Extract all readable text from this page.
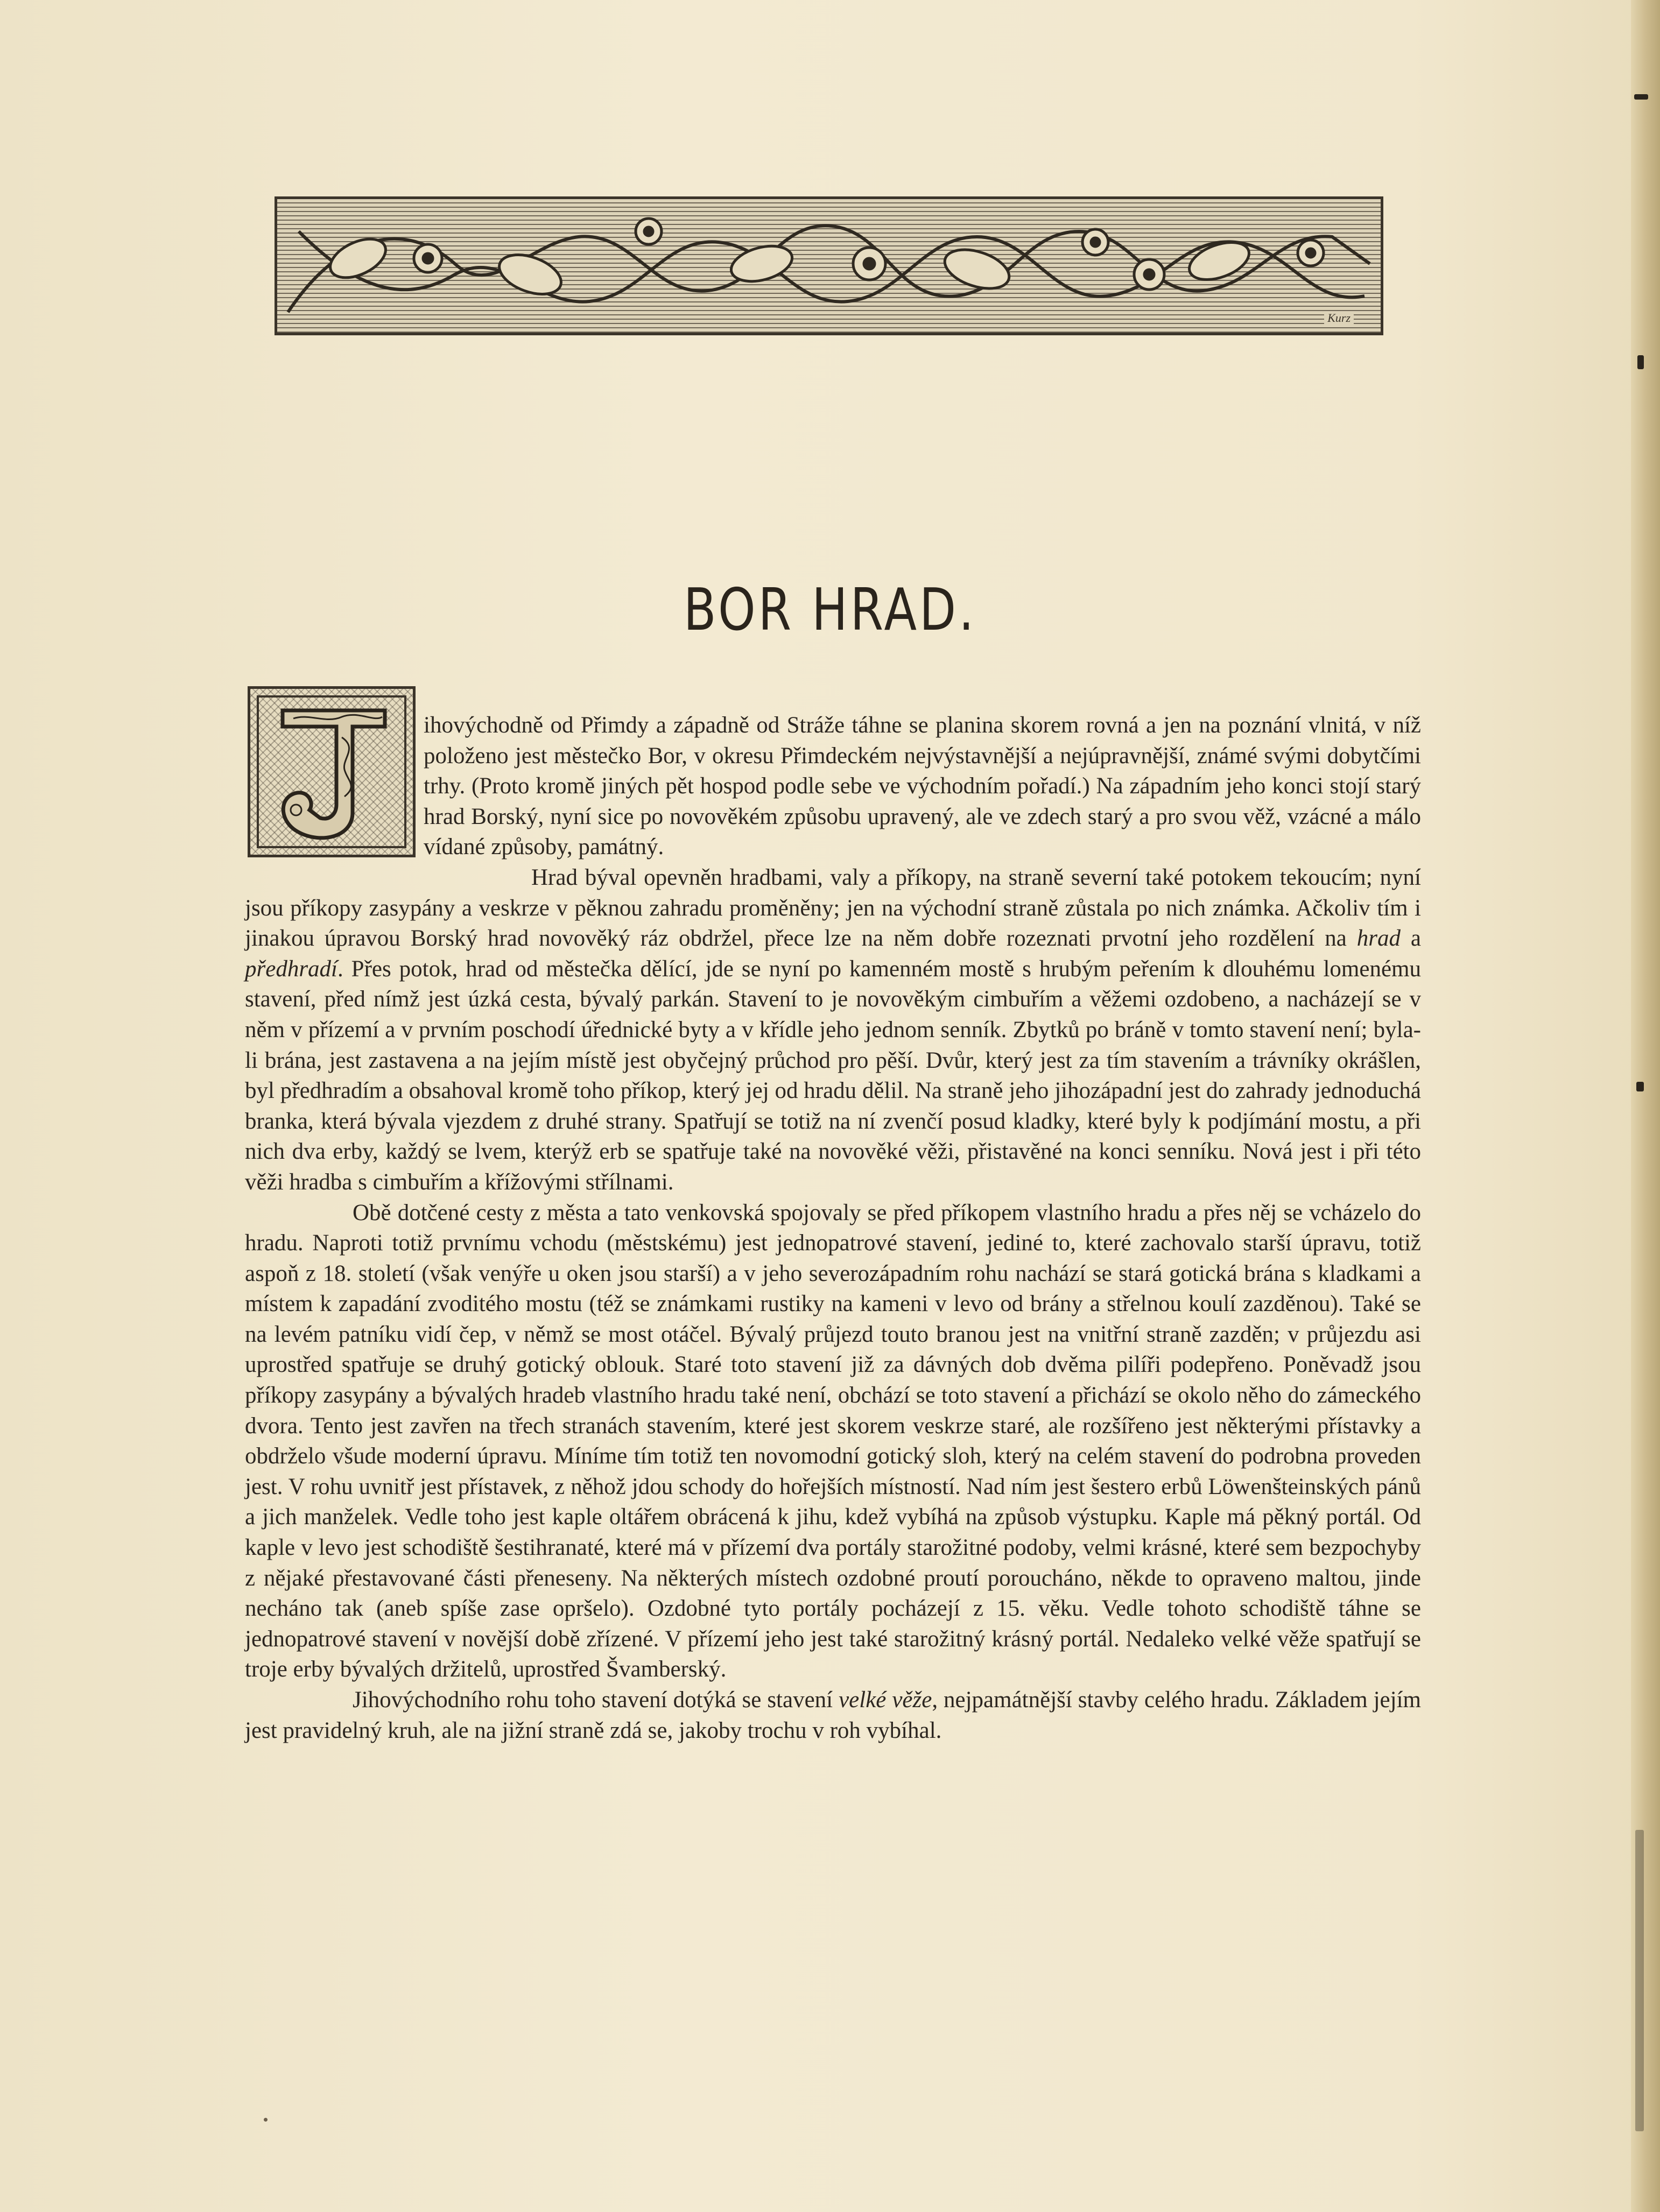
Kurz
BOR HRAD.

ihovýchodně od Přimdy a západně od Stráže táhne se planina skorem rovná a jen na poznání vlnitá, v níž položeno jest městečko Bor, v okresu Přimdeckém nejvýstavnější a nejúpravnější, známé svými dobytčími trhy. (Proto kromě jiných pět hospod podle sebe ve východním pořadí.) Na západním jeho konci stojí starý hrad Borský, nyní sice po novověkém způsobu upravený, ale ve zdech starý a pro svou věž, vzácné a málo vídané způsoby, památný.

Hrad býval opevněn hradbami, valy a příkopy, na straně severní také potokem tekoucím; nyní jsou příkopy zasypány a veskrze v pěknou zahradu proměněny; jen na východní straně zůstala po nich známka. Ačkoliv tím i jinakou úpravou Borský hrad novověký ráz obdržel, přece lze na něm dobře rozeznati prvotní jeho rozdělení na hrad a předhradí. Přes potok, hrad od městečka dělící, jde se nyní po kamenném mostě s hrubým peřením k dlouhému lomenému stavení, před nímž jest úzká cesta, bývalý parkán. Stavení to je novověkým cimbuřím a věžemi ozdobeno, a nacházejí se v něm v přízemí a v prvním poschodí úřednické byty a v křídle jeho jednom senník. Zbytků po bráně v tomto stavení není; byla-li brána, jest zastavena a na jejím místě jest obyčejný průchod pro pěší. Dvůr, který jest za tím stavením a trávníky okrášlen, byl předhradím a obsahoval kromě toho příkop, který jej od hradu dělil. Na straně jeho jihozápadní jest do zahrady jednoduchá branka, která bývala vjezdem z druhé strany. Spatřují se totiž na ní zvenčí posud kladky, které byly k podjímání mostu, a při nich dva erby, každý se lvem, kterýž erb se spatřuje také na novověké věži, přistavěné na konci senníku. Nová jest i při této věži hradba s cimbuřím a křížovými střílnami.

Obě dotčené cesty z města a tato venkovská spojovaly se před příkopem vlastního hradu a přes něj se vcházelo do hradu. Naproti totiž prvnímu vchodu (městskému) jest jednopatrové stavení, jediné to, které zachovalo starší úpravu, totiž aspoň z 18. století (však venýře u oken jsou starší) a v jeho severozápadním rohu nachází se stará gotická brána s kladkami a místem k zapadání zvoditého mostu (též se známkami rustiky na kameni v levo od brány a střelnou koulí zazděnou). Také se na levém patníku vidí čep, v němž se most otáčel. Bývalý průjezd touto branou jest na vnitřní straně zazděn; v průjezdu asi uprostřed spatřuje se druhý gotický oblouk. Staré toto stavení již za dávných dob dvěma pilíři podepřeno. Poněvadž jsou příkopy zasypány a bývalých hradeb vlastního hradu také není, obchází se toto stavení a přichází se okolo něho do zámeckého dvora. Tento jest zavřen na třech stranách stavením, které jest skorem veskrze staré, ale rozšířeno jest některými přístavky a obdrželo všude moderní úpravu. Míníme tím totiž ten novomodní gotický sloh, který na celém stavení do podrobna proveden jest. V rohu uvnitř jest přístavek, z něhož jdou schody do hořejších místností. Nad ním jest šestero erbů Löwenšteinských pánů a jich manželek. Vedle toho jest kaple oltářem obrácená k jihu, kdež vybíhá na způsob výstupku. Kaple má pěkný portál. Od kaple v levo jest schodiště šestihranaté, které má v přízemí dva portály starožitné podoby, velmi krásné, které sem bezpochyby z nějaké přestavované části přeneseny. Na některých místech ozdobné proutí poroucháno, někde to opraveno maltou, jinde necháno tak (aneb spíše zase opršelo). Ozdobné tyto portály pocházejí z 15. věku. Vedle tohoto schodiště táhne se jednopatrové stavení v novější době zřízené. V přízemí jeho jest také starožitný krásný portál. Nedaleko velké věže spatřují se troje erby bývalých držitelů, uprostřed Švamberský.

Jihovýchodního rohu toho stavení dotýká se stavení velké věže, nejpamátnější stavby celého hradu. Základem jejím jest pravidelný kruh, ale na jižní straně zdá se, jakoby trochu v roh vybíhal.
